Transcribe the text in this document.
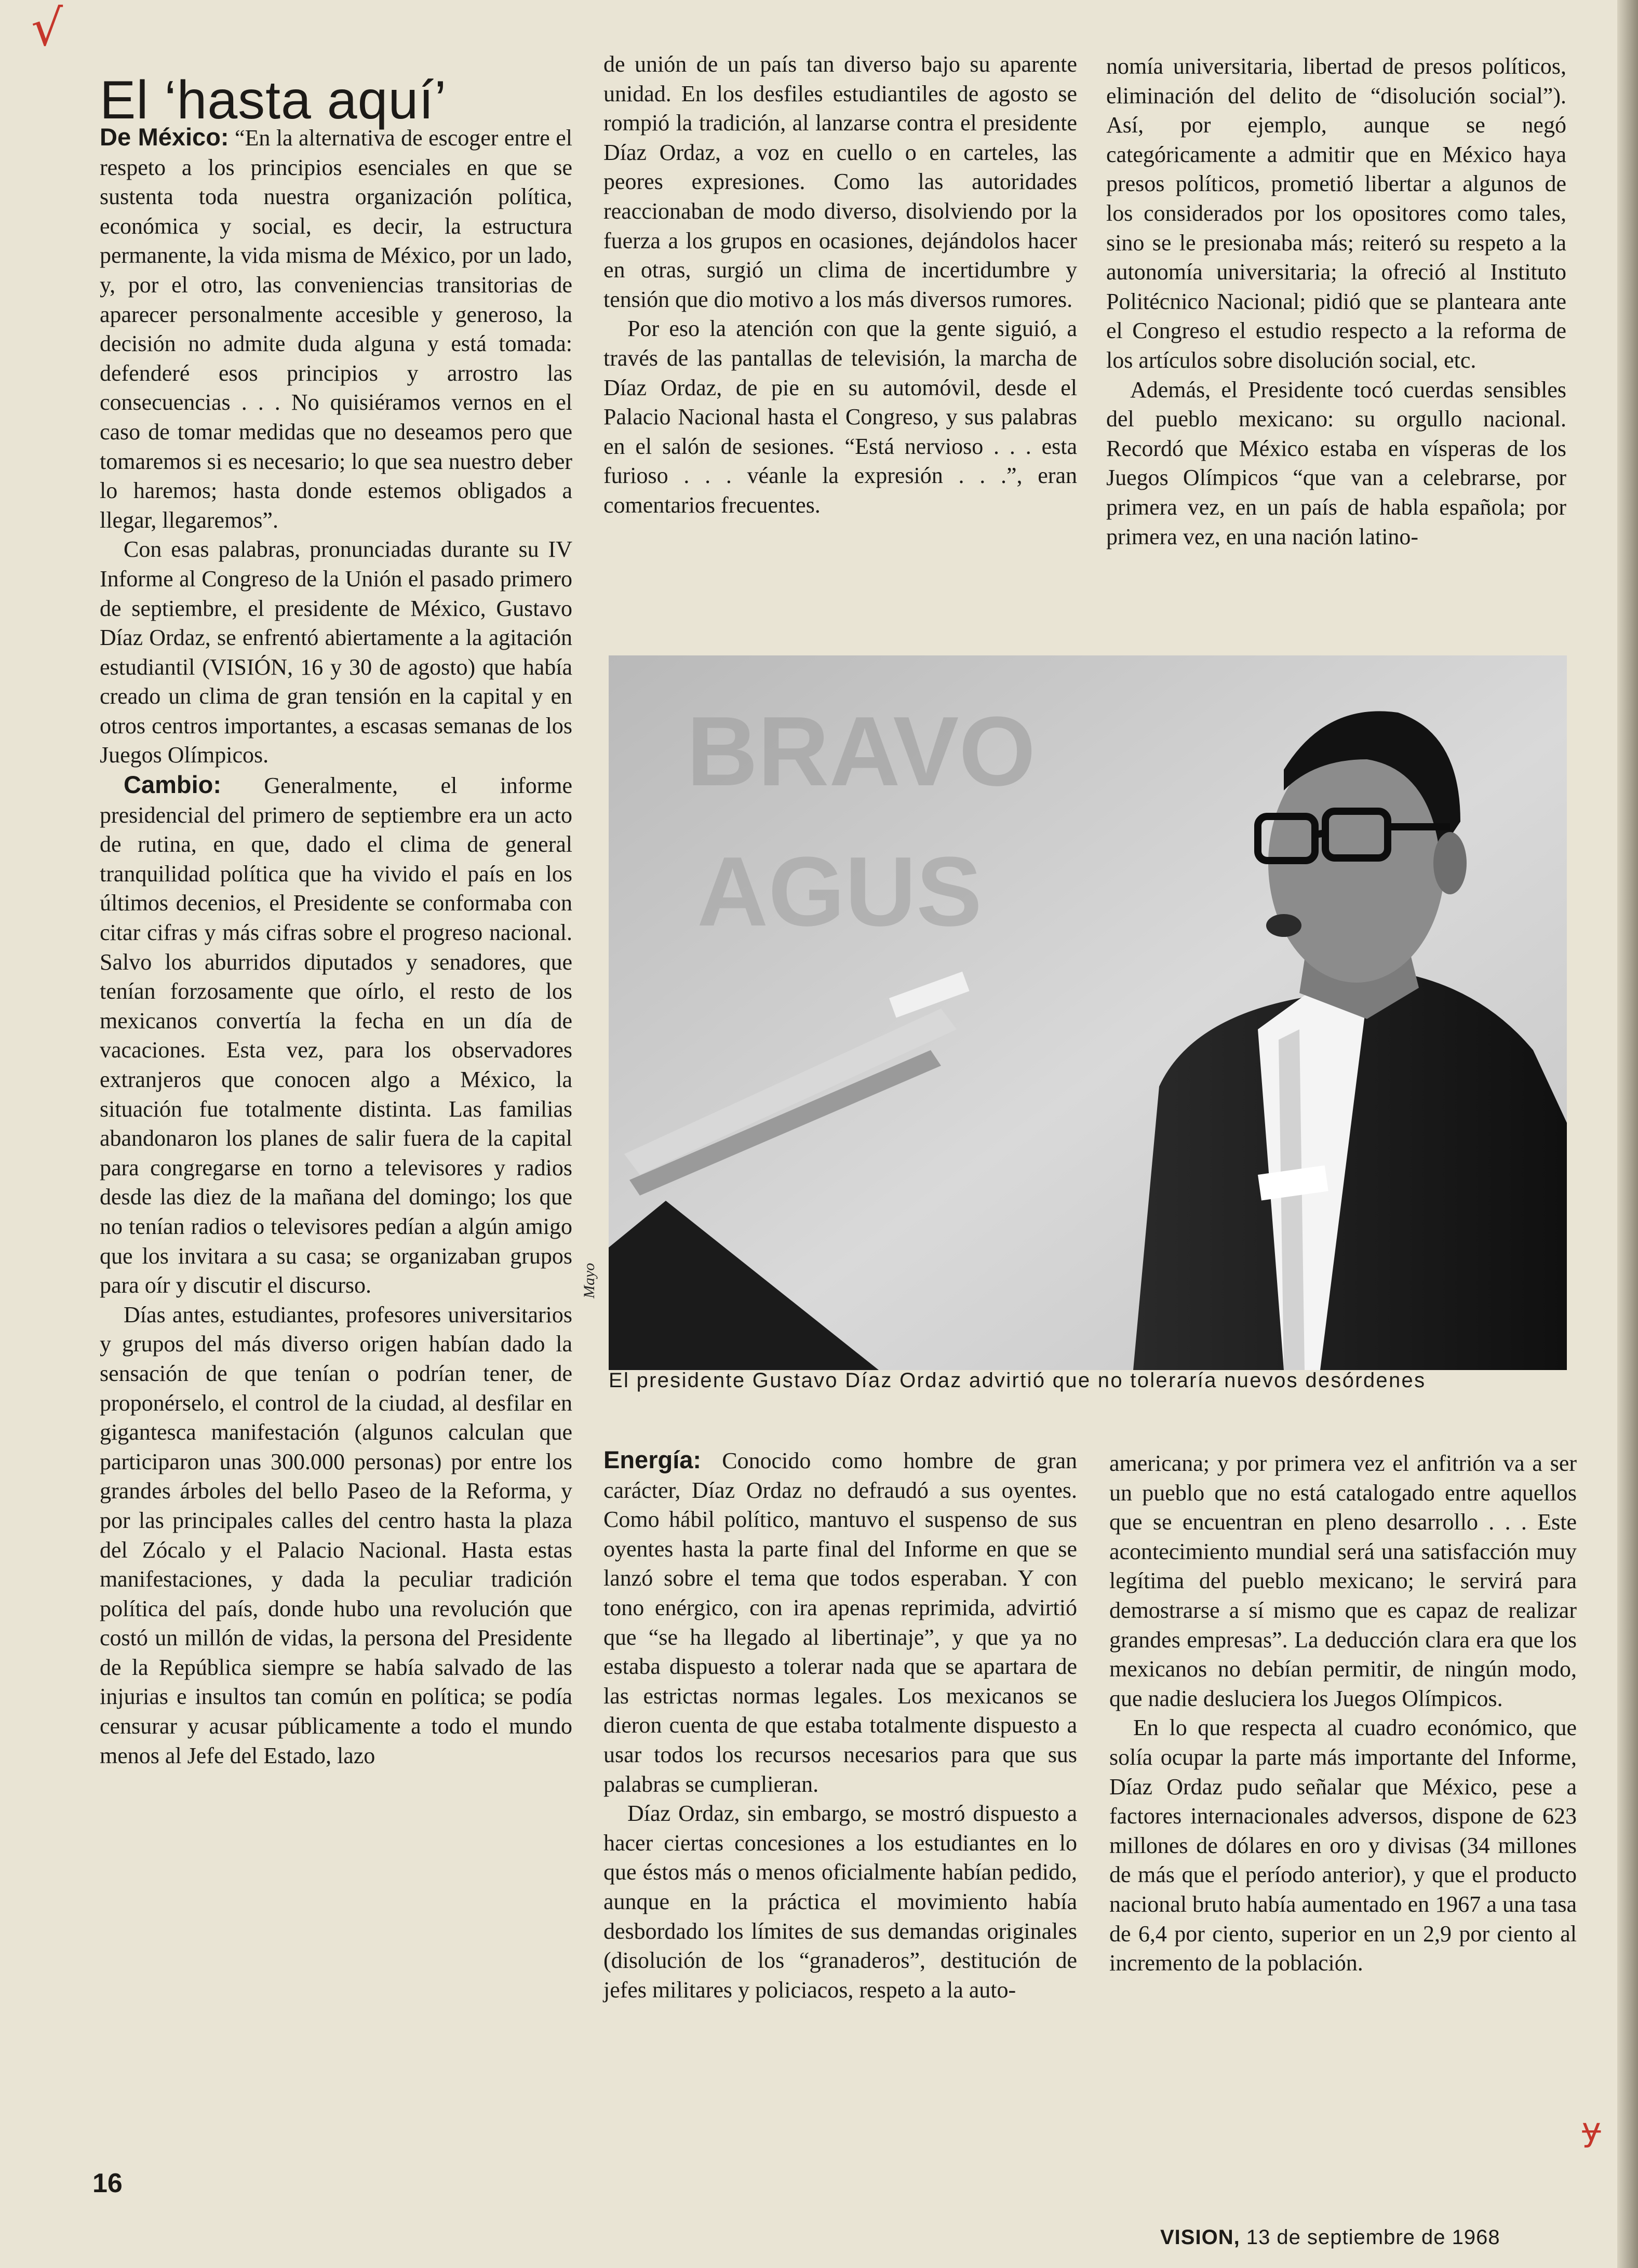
√
El ‘hasta aquí’

De México: “En la alternativa de escoger entre el respeto a los principios esenciales en que se sustenta toda nuestra organización política, económica y social, es decir, la estructura permanente, la vida misma de México, por un lado, y, por el otro, las conveniencias transitorias de aparecer personalmente accesible y generoso, la decisión no admite duda alguna y está tomada: defenderé esos principios y arrostro las consecuencias . . . No quisiéramos vernos en el caso de tomar medidas que no deseamos pero que tomaremos si es necesario; lo que sea nuestro deber lo haremos; hasta donde estemos obligados a llegar, llegaremos”.

Con esas palabras, pronunciadas durante su IV Informe al Congreso de la Unión el pasado primero de septiembre, el presidente de México, Gustavo Díaz Ordaz, se enfrentó abiertamente a la agitación estudiantil (VISIÓN, 16 y 30 de agosto) que había creado un clima de gran tensión en la capital y en otros centros importantes, a escasas semanas de los Juegos Olímpicos.

Cambio: Generalmente, el informe presidencial del primero de septiembre era un acto de rutina, en que, dado el clima de general tranquilidad política que ha vivido el país en los últimos decenios, el Presidente se conformaba con citar cifras y más cifras sobre el progreso nacional. Salvo los aburridos diputados y senadores, que tenían forzosamente que oírlo, el resto de los mexicanos convertía la fecha en un día de vacaciones. Esta vez, para los observadores extranjeros que conocen algo a México, la situación fue totalmente distinta. Las familias abandonaron los planes de salir fuera de la capital para congregarse en torno a televisores y radios desde las diez de la mañana del domingo; los que no tenían radios o televisores pedían a algún amigo que los invitara a su casa; se organizaban grupos para oír y discutir el discurso.

Días antes, estudiantes, profesores universitarios y grupos del más diverso origen habían dado la sensación de que tenían o podrían tener, de proponérselo, el control de la ciudad, al desfilar en gigantesca manifestación (algunos calculan que participaron unas 300.000 personas) por entre los grandes árboles del bello Paseo de la Reforma, y por las principales calles del centro hasta la plaza del Zócalo y el Palacio Nacional. Hasta estas manifestaciones, y dada la peculiar tradición política del país, donde hubo una revolución que costó un millón de vidas, la persona del Presidente de la República siempre se había salvado de las injurias e insultos tan común en política; se podía censurar y acusar públicamente a todo el mundo menos al Jefe del Estado, lazo

de unión de un país tan diverso bajo su aparente unidad. En los desfiles estudiantiles de agosto se rompió la tradición, al lanzarse contra el presidente Díaz Ordaz, a voz en cuello o en carteles, las peores expresiones. Como las autoridades reaccionaban de modo diverso, disolviendo por la fuerza a los grupos en ocasiones, dejándolos hacer en otras, surgió un clima de incertidumbre y tensión que dio motivo a los más diversos rumores.

Por eso la atención con que la gente siguió, a través de las pantallas de televisión, la marcha de Díaz Ordaz, de pie en su automóvil, desde el Palacio Nacional hasta el Congreso, y sus palabras en el salón de sesiones. “Está nervioso . . . esta furioso . . . véanle la expresión . . .”, eran comentarios frecuentes.

nomía universitaria, libertad de presos políticos, eliminación del delito de “disolución social”). Así, por ejemplo, aunque se negó categóricamente a admitir que en México haya presos políticos, prometió libertar a algunos de los considerados por los opositores como tales, sino se le presionaba más; reiteró su respeto a la autonomía universitaria; la ofreció al Instituto Politécnico Nacional; pidió que se planteara ante el Congreso el estudio respecto a la reforma de los artículos sobre disolución social, etc.

Además, el Presidente tocó cuerdas sensibles del pueblo mexicano: su orgullo nacional. Recordó que México estaba en vísperas de los Juegos Olímpicos “que van a celebrarse, por primera vez, en un país de habla española; por primera vez, en una nación latino-

BRAVO
AGUS
Mayo
El presidente Gustavo Díaz Ordaz advirtió que no toleraría nuevos desórdenes

Energía: Conocido como hombre de gran carácter, Díaz Ordaz no defraudó a sus oyentes. Como hábil político, mantuvo el suspenso de sus oyentes hasta la parte final del Informe en que se lanzó sobre el tema que todos esperaban. Y con tono enérgico, con ira apenas reprimida, advirtió que “se ha llegado al libertinaje”, y que ya no estaba dispuesto a tolerar nada que se apartara de las estrictas normas legales. Los mexicanos se dieron cuenta de que estaba totalmente dispuesto a usar todos los recursos necesarios para que sus palabras se cumplieran.

Díaz Ordaz, sin embargo, se mostró dispuesto a hacer ciertas concesiones a los estudiantes en lo que éstos más o menos oficialmente habían pedido, aunque en la práctica el movimiento había desbordado los límites de sus demandas originales (disolución de los “granaderos”, destitución de jefes militares y policiacos, respeto a la auto-

americana; y por primera vez el anfitrión va a ser un pueblo que no está catalogado entre aquellos que se encuentran en pleno desarrollo . . . Este acontecimiento mundial será una satisfacción muy legítima del pueblo mexicano; le servirá para demostrarse a sí mismo que es capaz de realizar grandes empresas”. La deducción clara era que los mexicanos no debían permitir, de ningún modo, que nadie desluciera los Juegos Olímpicos.

En lo que respecta al cuadro económico, que solía ocupar la parte más importante del Informe, Díaz Ordaz pudo señalar que México, pese a factores internacionales adversos, dispone de 623 millones de dólares en oro y divisas (34 millones de más que el período anterior), y que el producto nacional bruto había aumentado en 1967 a una tasa de 6,4 por ciento, superior en un 2,9 por ciento al incremento de la población.

ɏ
16
VISION, 13 de septiembre de 1968
